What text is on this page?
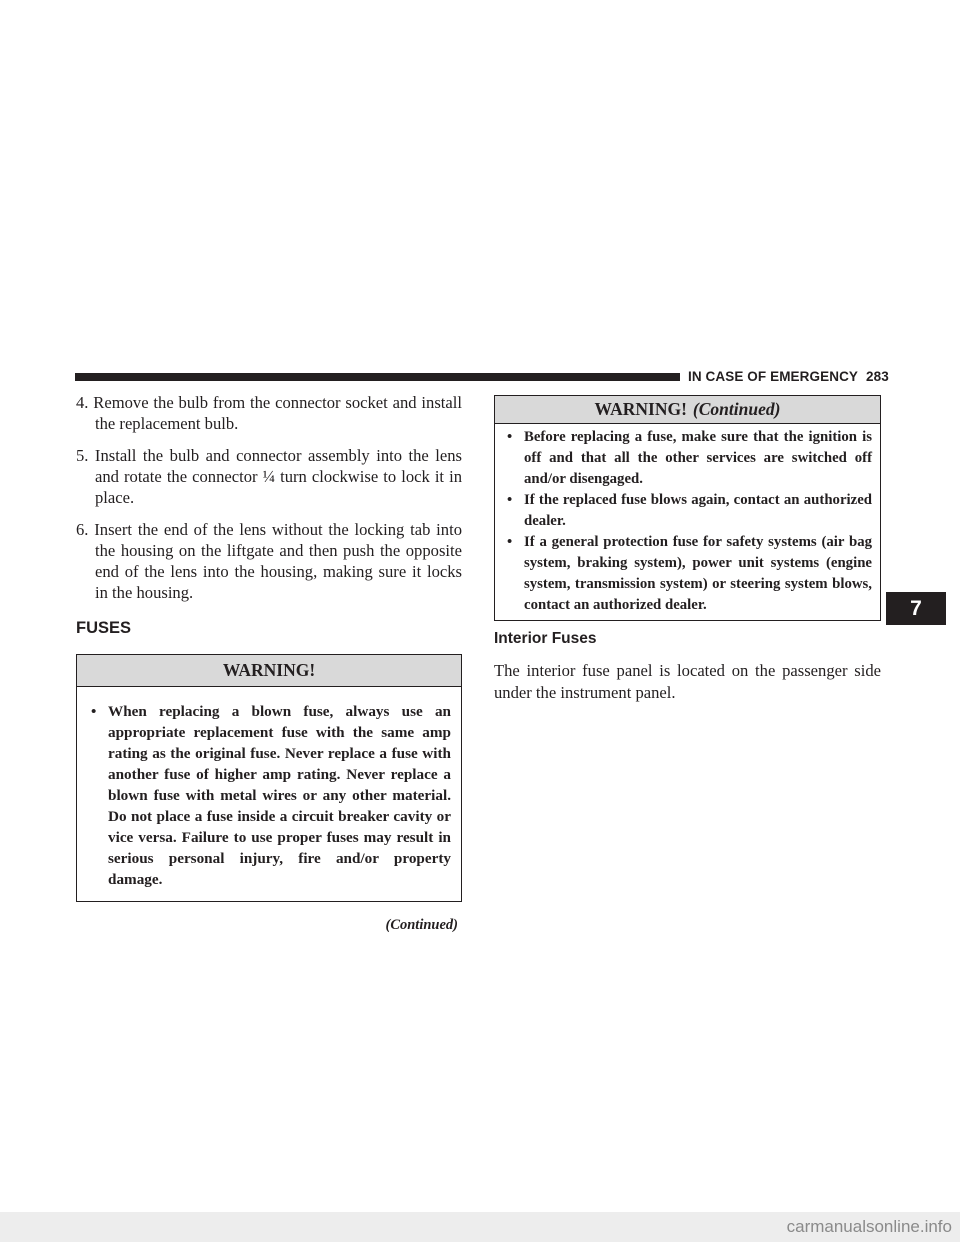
IN CASE OF EMERGENCY 283

4. Remove the bulb from the connector socket and install the replacement bulb.

5. Install the bulb and connector assembly into the lens and rotate the connector ¼ turn clockwise to lock it in place.

6. Insert the end of the lens without the locking tab into the housing on the liftgate and then push the opposite end of the lens into the housing, making sure it locks in the housing.

FUSES
WARNING!

• When replacing a blown fuse, always use an appropriate replacement fuse with the same amp rating as the original fuse. Never replace a fuse with another fuse of higher amp rating. Never replace a blown fuse with metal wires or any other material. Do not place a fuse inside a circuit breaker cavity or vice versa. Failure to use proper fuses may result in serious personal injury, fire and/or property damage.

(Continued)
WARNING! (Continued)

• Before replacing a fuse, make sure that the ignition is off and that all the other services are switched off and/or disengaged.

• If the replaced fuse blows again, contact an authorized dealer.

• If a general protection fuse for safety systems (air bag system, braking system), power unit systems (engine system, transmission system) or steering system blows, contact an authorized dealer.

Interior Fuses

The interior fuse panel is located on the passenger side under the instrument panel.

7
carmanualsonline.info
